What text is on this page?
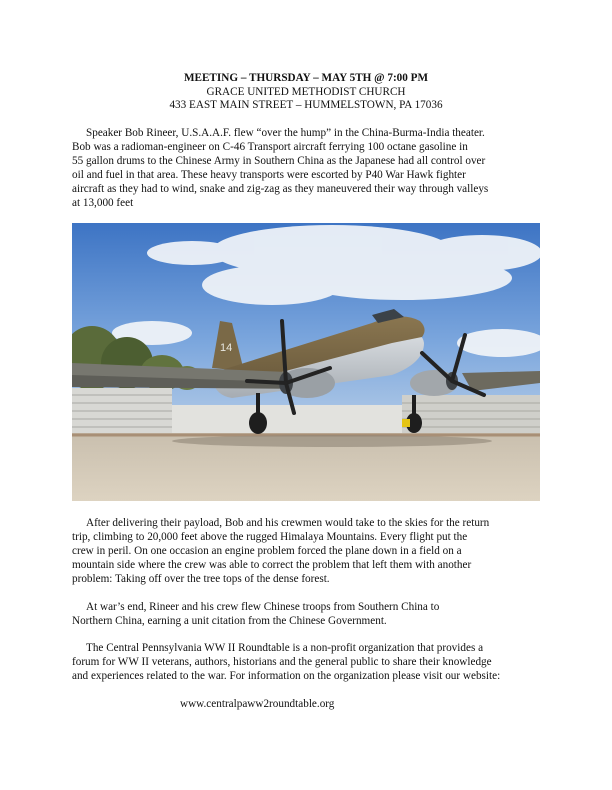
MEETING – THURSDAY – MAY 5TH @ 7:00 PM
GRACE UNITED METHODIST CHURCH
433 EAST MAIN STREET – HUMMELSTOWN, PA 17036

Speaker Bob Rineer, U.S.A.A.F. flew “over the hump” in the China-Burma-India theater.
Bob was a radioman-engineer on C-46 Transport aircraft ferrying 100 octane gasoline in
55 gallon drums to the Chinese Army in Southern China as the Japanese had all control over
oil and fuel in that area. These heavy transports were escorted by P40 War Hawk fighter
aircraft as they had to wind, snake and zig-zag as they maneuvered their way through valleys
at 13,000 feet

14

After delivering their payload, Bob and his crewmen would take to the skies for the return
trip, climbing to 20,000 feet above the rugged Himalaya Mountains. Every flight put the
crew in peril. On one occasion an engine problem forced the plane down in a field on a
mountain side where the crew was able to correct the problem that left them with another
problem: Taking off over the tree tops of the dense forest.

At war’s end, Rineer and his crew flew Chinese troops from Southern China to
Northern China, earning a unit citation from the Chinese Government.

The Central Pennsylvania WW II Roundtable is a non-profit organization that provides a
forum for WW II veterans, authors, historians and the general public to share their knowledge
and experiences related to the war. For information on the organization please visit our website:

www.centralpaww2roundtable.org
